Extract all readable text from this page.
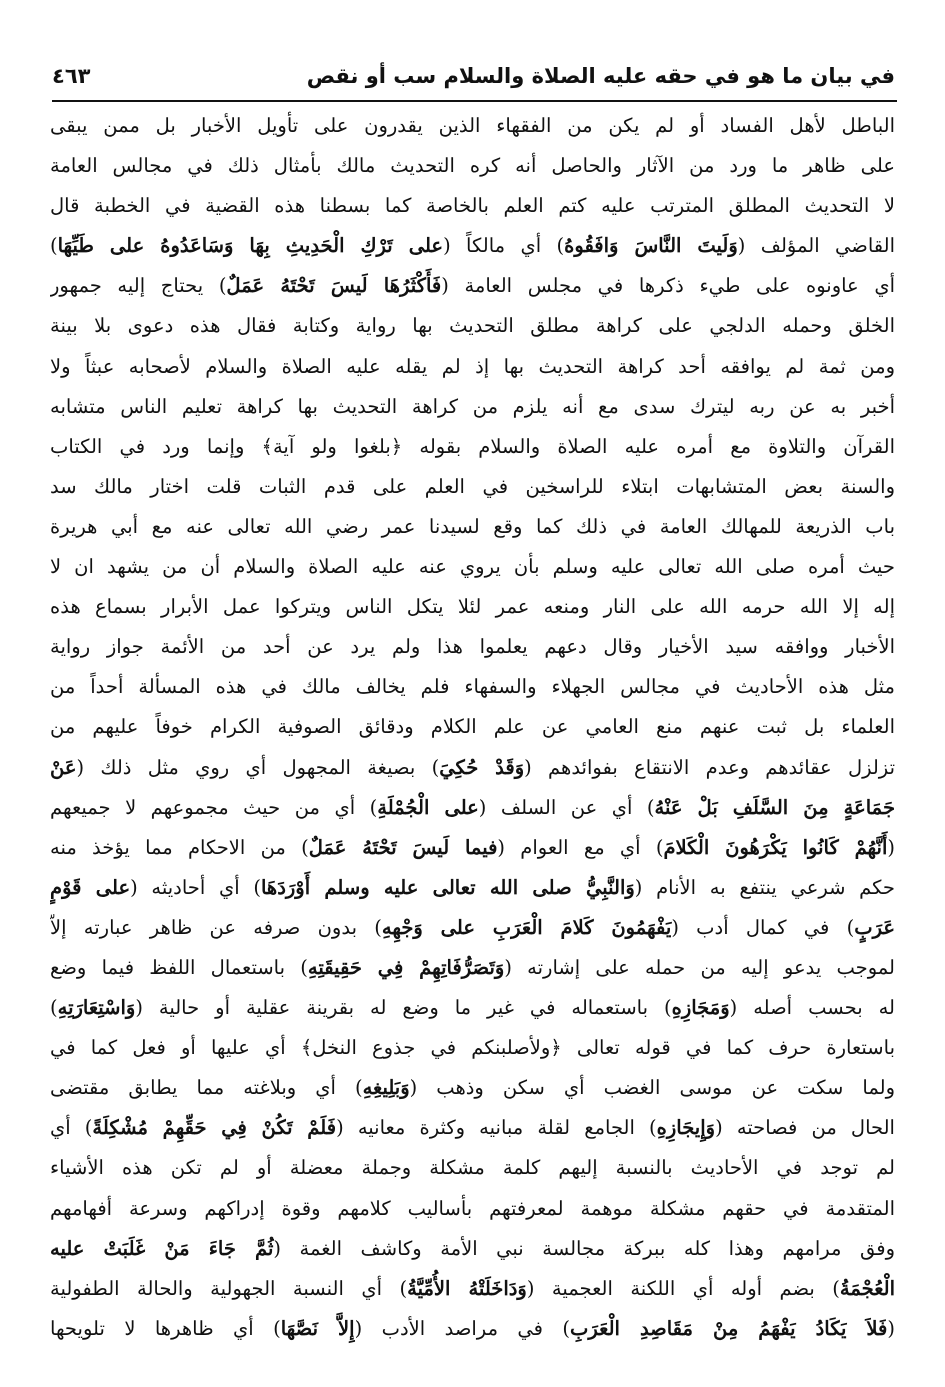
في بيان ما هو في حقه عليه الصلاة والسلام سب أو نقص
٤٦٣
الباطل لأهل الفساد أو لم يكن من الفقهاء الذين يقدرون على تأويل الأخبار بل ممن يبقى
على ظاهر ما ورد من الآثار والحاصل أنه كره التحديث مالك بأمثال ذلك في مجالس العامة
لا التحديث المطلق المترتب عليه كتم العلم بالخاصة كما بسطنا هذه القضية في الخطبة قال
القاضي المؤلف (وَلَيتَ النَّاسَ وَافَقُوهُ) أي مالكاً (على تَرْكِ الْحَدِيثِ بِهَا وَسَاعَدُوهُ على طَيِّهَا)
أي عاونوه على طيء ذكرها في مجلس العامة (فَأَكْثَرُهَا لَيسَ تَحْتَهُ عَمَلٌ) يحتاج إليه جمهور
الخلق وحمله الدلجي على كراهة مطلق التحديث بها رواية وكتابة فقال هذه دعوى بلا بينة
ومن ثمة لم يوافقه أحد كراهة التحديث بها إذ لم يقله عليه الصلاة والسلام لأصحابه عبثاً ولا
أخبر به عن ربه ليترك سدى مع أنه يلزم من كراهة التحديث بها كراهة تعليم الناس متشابه
القرآن والتلاوة مع أمره عليه الصلاة والسلام بقوله ﴿بلغوا ولو آية﴾ وإنما ورد في الكتاب
والسنة بعض المتشابهات ابتلاء للراسخين في العلم على قدم الثبات قلت اختار مالك سد
باب الذريعة للمهالك العامة في ذلك كما وقع لسيدنا عمر رضي الله تعالى عنه مع أبي هريرة
حيث أمره صلى الله تعالى عليه وسلم بأن يروي عنه عليه الصلاة والسلام أن من يشهد ان لا
إله إلا الله حرمه الله على النار ومنعه عمر لئلا يتكل الناس ويتركوا عمل الأبرار بسماع هذه
الأخبار ووافقه سيد الأخيار وقال دعهم يعلموا هذا ولم يرد عن أحد من الأئمة جواز رواية
مثل هذه الأحاديث في مجالس الجهلاء والسفهاء فلم يخالف مالك في هذه المسألة أحداً من
العلماء بل ثبت عنهم منع العامي عن علم الكلام ودقائق الصوفية الكرام خوفاً عليهم من
تزلزل عقائدهم وعدم الانتقاع بفوائدهم (وَقَدْ حُكِيَ) بصيغة المجهول أي روي مثل ذلك (عَنْ
جَمَاعَةٍ مِنَ السَّلَفِ بَلْ عَنْهُ) أي عن السلف (على الْجُمْلَةِ) أي من حيث مجموعهم لا جميعهم
(أَنَّهُمْ كَانُوا يَكْرَهُونَ الْكَلامَ) أي مع العوام (فيما لَيسَ تَحْتَهُ عَمَلٌ) من الاحكام مما يؤخذ منه
حكم شرعي ينتفع به الأنام (وَالنَّبِيُّ صلى الله تعالى عليه وسلم أَوْرَدَهَا) أي أحاديثه (على قَوْمٍ
عَرَبٍ) في كمال أدب (يَفْهَمُونَ كَلامَ الْعَرَبِ على وَجْهِهِ) بدون صرفه عن ظاهر عبارته إلاّ
لموجب يدعو إليه من حمله على إشارته (وَتَصَرُّفَاتِهِمْ فِي حَقِيقَتِهِ) باستعمال اللفظ فيما وضع
له بحسب أصله (وَمَجَازِهِ) باستعماله في غير ما وضع له بقرينة عقلية أو حالية (وَاسْتِعَارَتِهِ)
باستعارة حرف كما في قوله تعالى ﴿ولأصلبنكم في جذوع النخل﴾ أي عليها أو فعل كما في
ولما سكت عن موسى الغضب أي سكن وذهب (وَبَلِيغِهِ) أي وبلاغته مما يطابق مقتضى
الحال من فصاحته (وَإِيجَازِهِ) الجامع لقلة مبانيه وكثرة معانيه (فَلَمْ تَكُنْ فِي حَقِّهِمْ مُشْكِلَةً) أي
لم توجد في الأحاديث بالنسبة إليهم كلمة مشكلة وجملة معضلة أو لم تكن هذه الأشياء
المتقدمة في حقهم مشكلة موهمة لمعرفتهم بأساليب كلامهم وقوة إدراكهم وسرعة أفهامهم
وفق مرامهم وهذا كله ببركة مجالسة نبي الأمة وكاشف الغمة (ثُمَّ جَاءَ مَنْ غَلَبَتْ عليه
الْعُجْمَةُ) بضم أوله أي اللكنة العجمية (وَدَاخَلَتْهُ الأُمِّيَّةُ) أي النسبة الجهولية والحالة الطفولية
(فَلاَ يَكَادُ يَفْهَمُ مِنْ مَقَاصِدِ الْعَرَبِ) في مراصد الأدب (إِلاَّ نَصَّهَا) أي ظاهرها لا تلويحها
